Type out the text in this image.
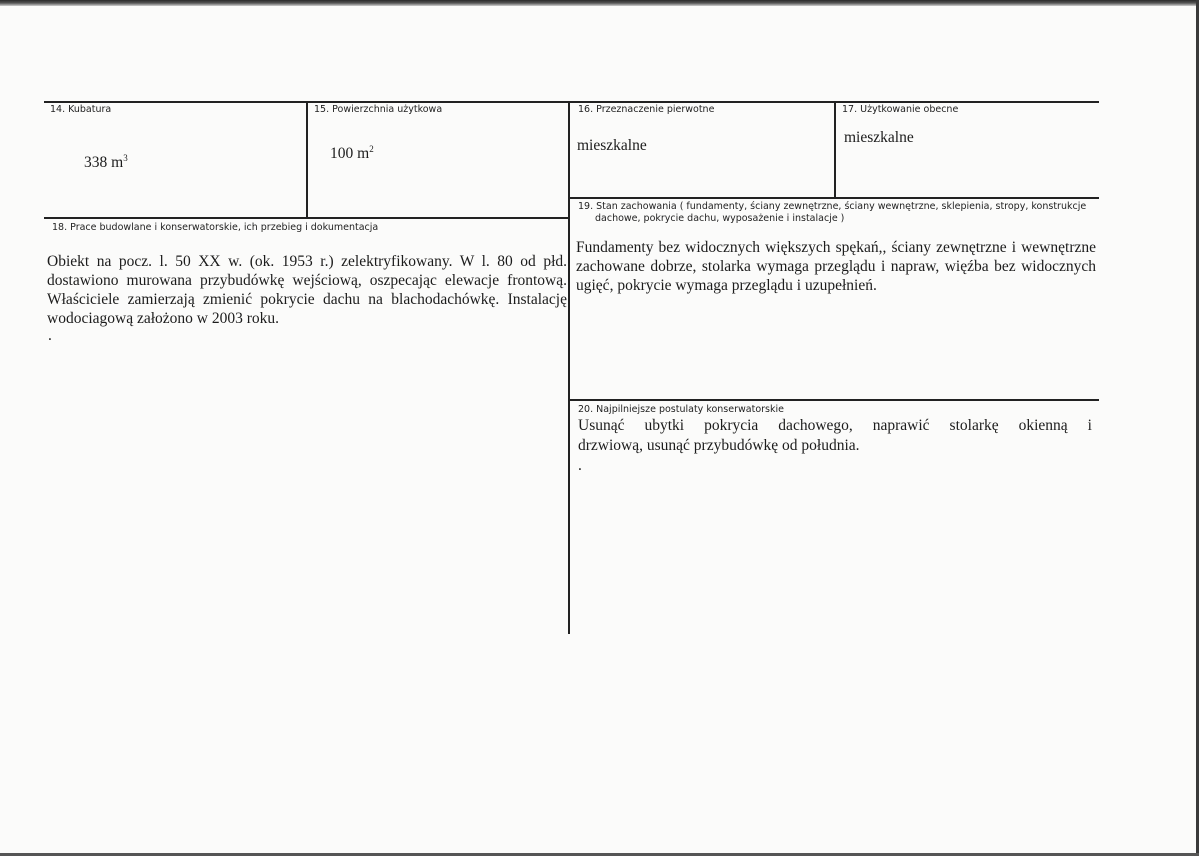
14. Kubatura
338 $m^3$
15. Powierzchnia użytkowa
100 $m^2$
16. Przeznaczenie pierwotne
mieszkalne
17. Użytkowanie obecne
mieszkalne
19. Stan zachowania ( fundamenty, ściany zewnętrzne, ściany wewnętrzne, sklepienia, stropy, konstrukcje
dachowe, pokrycie dachu, wyposażenie i instalacje )
Fundamenty bez widocznych większych spękań,, ściany zewnętrzne i wewnętrzne zachowane dobrze, stolarka wymaga przeglądu i napraw, więźba bez widocznych ugięć, pokrycie wymaga przeglądu i uzupełnień.
18. Prace budowlane i konserwatorskie, ich przebieg i dokumentacja
Obiekt na pocz. l. 50 XX w. (ok. 1953 r.) zelektryfikowany. W l. 80 od płd. dostawiono murowana przybudówkę wejściową, oszpecając elewacje frontową. Właściciele zamierzają zmienić pokrycie dachu na blachodachówkę. Instalację wodociagową założono w 2003 roku.
.
20. Najpilniejsze postulaty konserwatorskie
Usunąć ubytki pokrycia dachowego, naprawić stolarkę okienną i
drzwiową, usunąć przybudówkę od południa.
.
